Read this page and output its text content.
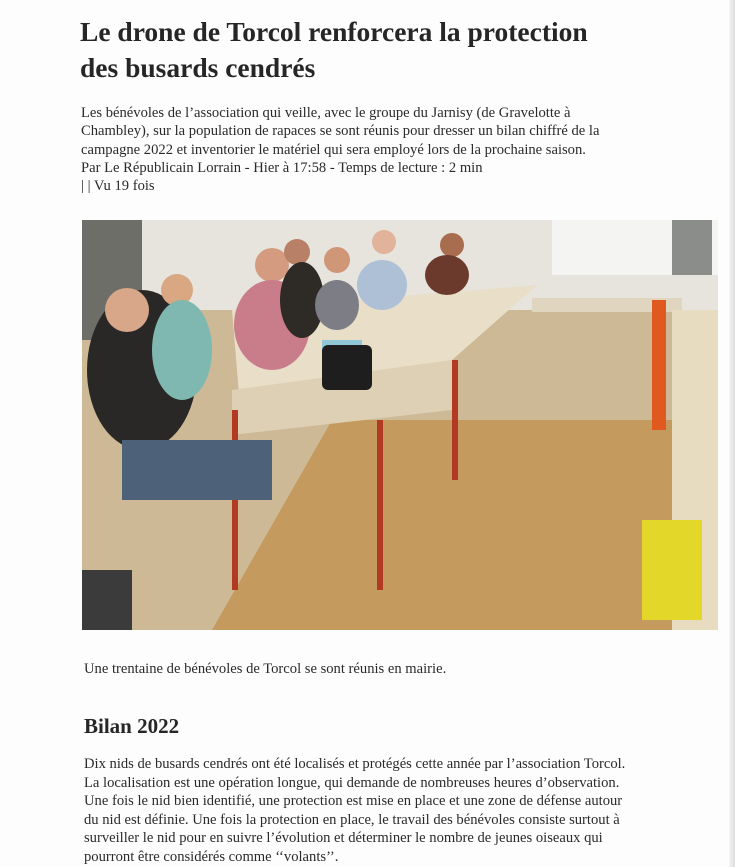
Le drone de Torcol renforcera la protection
des busards cendrés

Les bénévoles de l’association qui veille, avec le groupe du Jarnisy (de Gravelotte à
Chambley), sur la population de rapaces se sont réunis pour dresser un bilan chiffré de la
campagne 2022 et inventorier le matériel qui sera employé lors de la prochaine saison.
Par Le Républicain Lorrain - Hier à 17:58 - Temps de lecture : 2 min
| | Vu 19 fois

Une trentaine de bénévoles de Torcol se sont réunis en mairie.

Bilan 2022

Dix nids de busards cendrés ont été localisés et protégés cette année par l’association Torcol.
La localisation est une opération longue, qui demande de nombreuses heures d’observation.
Une fois le nid bien identifié, une protection est mise en place et une zone de défense autour
du nid est définie. Une fois la protection en place, le travail des bénévoles consiste surtout à
surveiller le nid pour en suivre l’évolution et déterminer le nombre de jeunes oiseaux qui
pourront être considérés comme ‘‘volants’’.
